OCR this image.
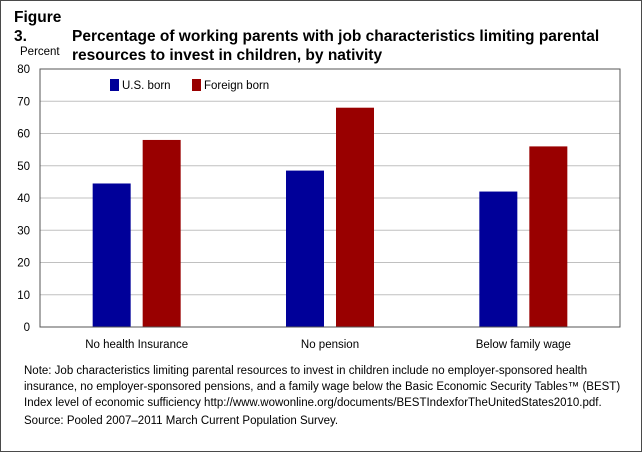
Figure 3.	Percentage of working parents with job characteristics limiting parental
resources to invest in children, by nativity
Percent
0
10
20
30
40
50
60
70
80
No health Insurance	No pension	Below family wage
U.S. born	Foreign born
Note: Job characteristics limiting parental resources to invest in children include no employer-sponsored health insurance, no employer-sponsored pensions, and a family wage below the Basic Economic Security Tables™ (BEST) Index level of economic sufficiency http://www.wowonline.org/documents/BESTIndexforTheUnitedStates2010.pdf.
Source: Pooled 2007–2011 March Current Population Survey.
